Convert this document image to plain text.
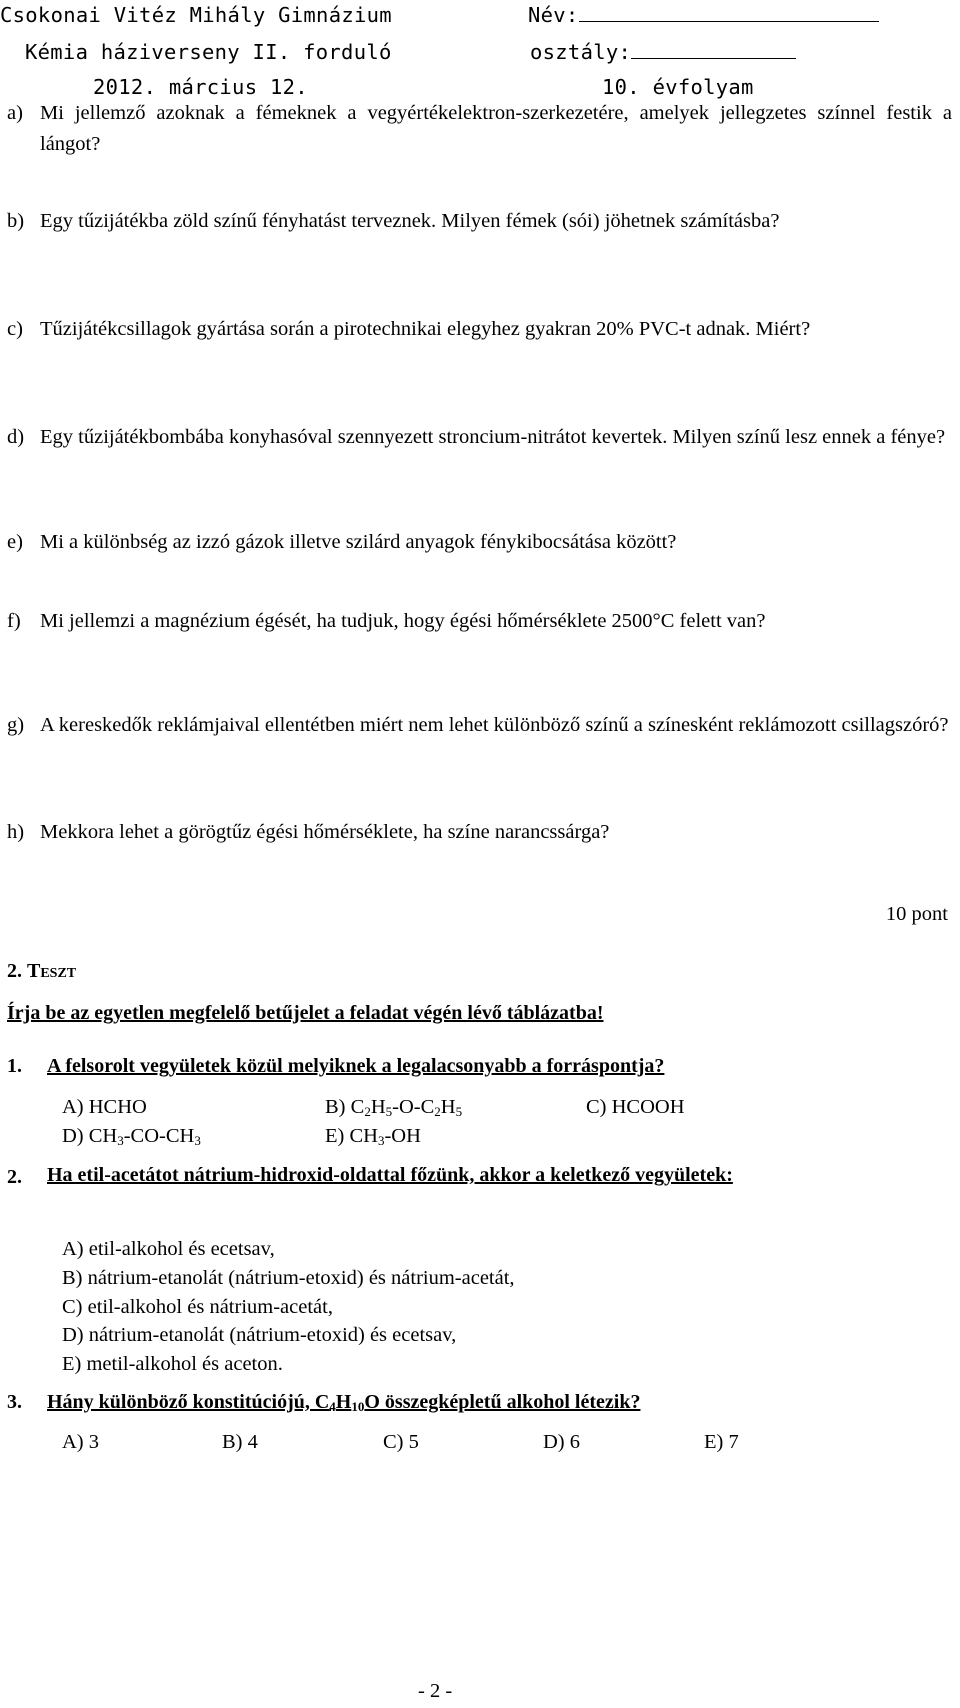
Csokonai Vitéz Mihály Gimnázium	Név:
Kémia háziverseny II. forduló	osztály:
2012. március 12.	10. évfolyam
a) Mi jellemző azoknak a fémeknek a vegyértékelektron-szerkezetére, amelyek jellegzetes színnel festik a lángot?
b) Egy tűzijátékba zöld színű fényhatást terveznek. Milyen fémek (sói) jöhetnek számításba?
c) Tűzijátékcsillagok gyártása során a pirotechnikai elegyhez gyakran 20% PVC-t adnak. Miért?
d) Egy tűzijátékbombába konyhasóval szennyezett stroncium-nitrátot kevertek. Milyen színű lesz ennek a fénye?
e) Mi a különbség az izzó gázok illetve szilárd anyagok fénykibocsátása között?
f) Mi jellemzi a magnézium égését, ha tudjuk, hogy égési hőmérséklete 2500°C felett van?
g) A kereskedők reklámjaival ellentétben miért nem lehet különböző színű a színesként reklámozott csillagszóró?
h) Mekkora lehet a görögtűz égési hőmérséklete, ha színe narancssárga?
10 pont
2. Teszt
Írja be az egyetlen megfelelő betűjelet a feladat végén lévő táblázatba!
1. A felsorolt vegyületek közül melyiknek a legalacsonyabb a forráspontja?
A) HCHO	B) $C_2H_5-O-C_2H_5$	C) HCOOH
D) $CH_3-CO-CH_3$	E) $CH_3-OH$
2. Ha etil-acetátot nátrium-hidroxid-oldattal főzünk, akkor a keletkező vegyületek:
A) etil-alkohol és ecetsav,
B) nátrium-etanolát (nátrium-etoxid) és nátrium-acetát,
C) etil-alkohol és nátrium-acetát,
D) nátrium-etanolát (nátrium-etoxid) és ecetsav,
E) metil-alkohol és aceton.
3. Hány különböző konstitúciójú, $C_4H_{10}O$ összegképletű alkohol létezik?
A) 3	B) 4	C) 5	D) 6	E) 7
- 2 -
